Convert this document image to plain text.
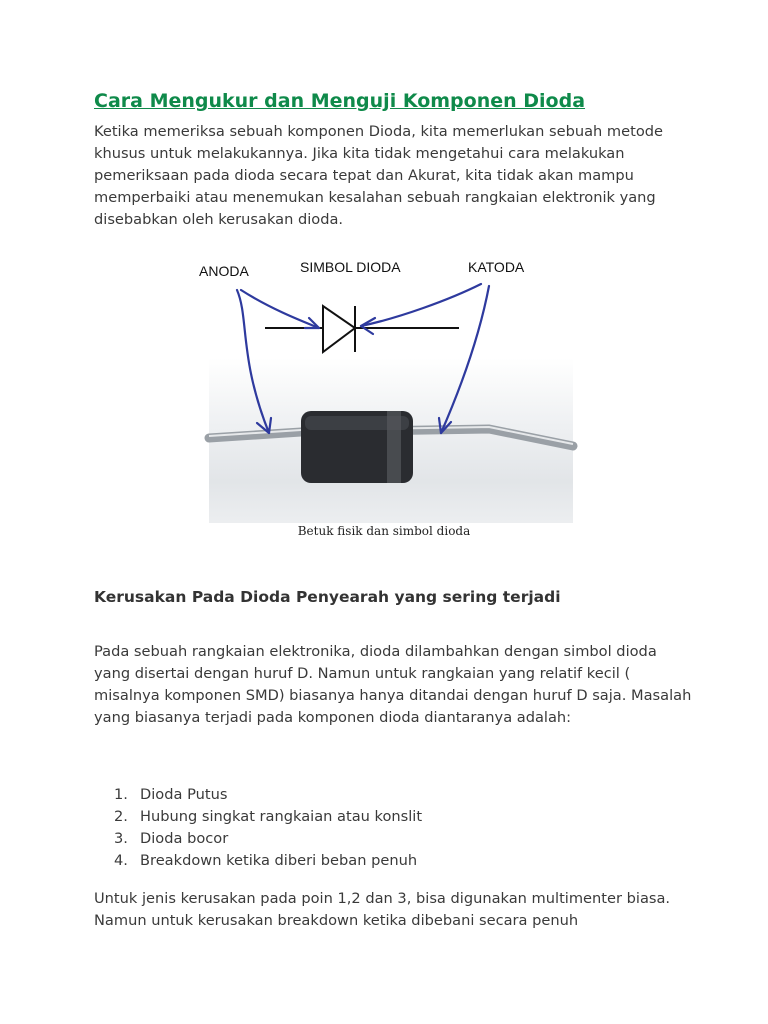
Cara Mengukur dan Menguji Komponen Dioda

Ketika memeriksa sebuah komponen Dioda, kita memerlukan sebuah metode khusus untuk melakukannya. Jika kita tidak mengetahui cara melakukan pemeriksaan pada dioda secara tepat dan Akurat, kita tidak akan mampu memperbaiki atau menemukan kesalahan sebuah rangkaian elektronik yang disebabkan oleh kerusakan dioda.

ANODA	SIMBOL DIODA	KATODA
Betuk fisik dan simbol dioda
Kerusakan Pada Dioda Penyearah yang sering terjadi

Pada sebuah rangkaian elektronika, dioda dilambahkan dengan simbol dioda yang disertai dengan huruf D. Namun untuk rangkaian yang relatif kecil ( misalnya komponen SMD) biasanya hanya ditandai dengan huruf D saja. Masalah yang biasanya terjadi pada komponen dioda diantaranya adalah:

1. Dioda Putus
2. Hubung singkat rangkaian atau konslit
3. Dioda bocor
4. Breakdown ketika diberi beban penuh

Untuk jenis kerusakan pada poin 1,2 dan 3, bisa digunakan multimenter biasa. Namun untuk kerusakan breakdown ketika dibebani secara penuh
